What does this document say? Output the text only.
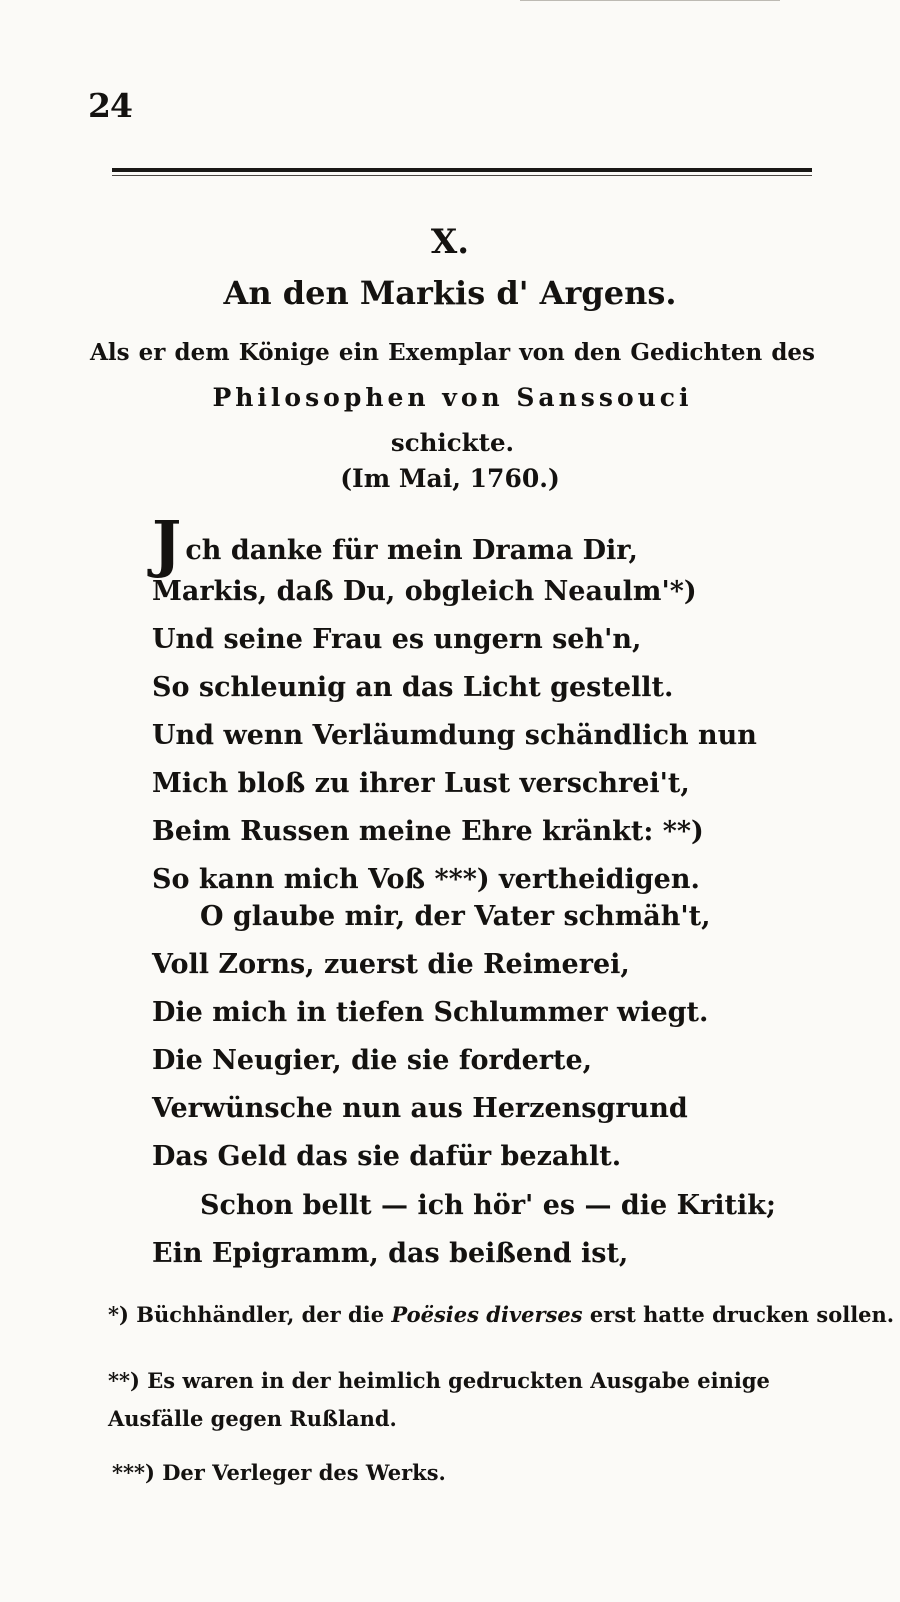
24
X.
An den Markis d' Argens.
Als er dem Könige ein Exemplar von den Gedichten des
Philosophen von Sanssouci
schickte.
(Im Mai, 1760.)
Jch danke für mein Drama Dir,
Markis, daß Du, obgleich Neaulm'*)
Und seine Frau es ungern seh'n,
So schleunig an das Licht gestellt.
Und wenn Verläumdung schändlich nun
Mich bloß zu ihrer Lust verschrei't,
Beim Russen meine Ehre kränkt: **)
So kann mich Voß ***) vertheidigen.
O glaube mir, der Vater schmäh't,
Voll Zorns, zuerst die Reimerei,
Die mich in tiefen Schlummer wiegt.
Die Neugier, die sie forderte,
Verwünsche nun aus Herzensgrund
Das Geld das sie dafür bezahlt.
Schon bellt — ich hör' es — die Kritik;
Ein Epigramm, das beißend ist,
*) Büchhändler, der die Poësies diverses erst hatte drucken sollen.
**) Es waren in der heimlich gedruckten Ausgabe einige Ausfälle gegen Rußland.
***) Der Verleger des Werks.
